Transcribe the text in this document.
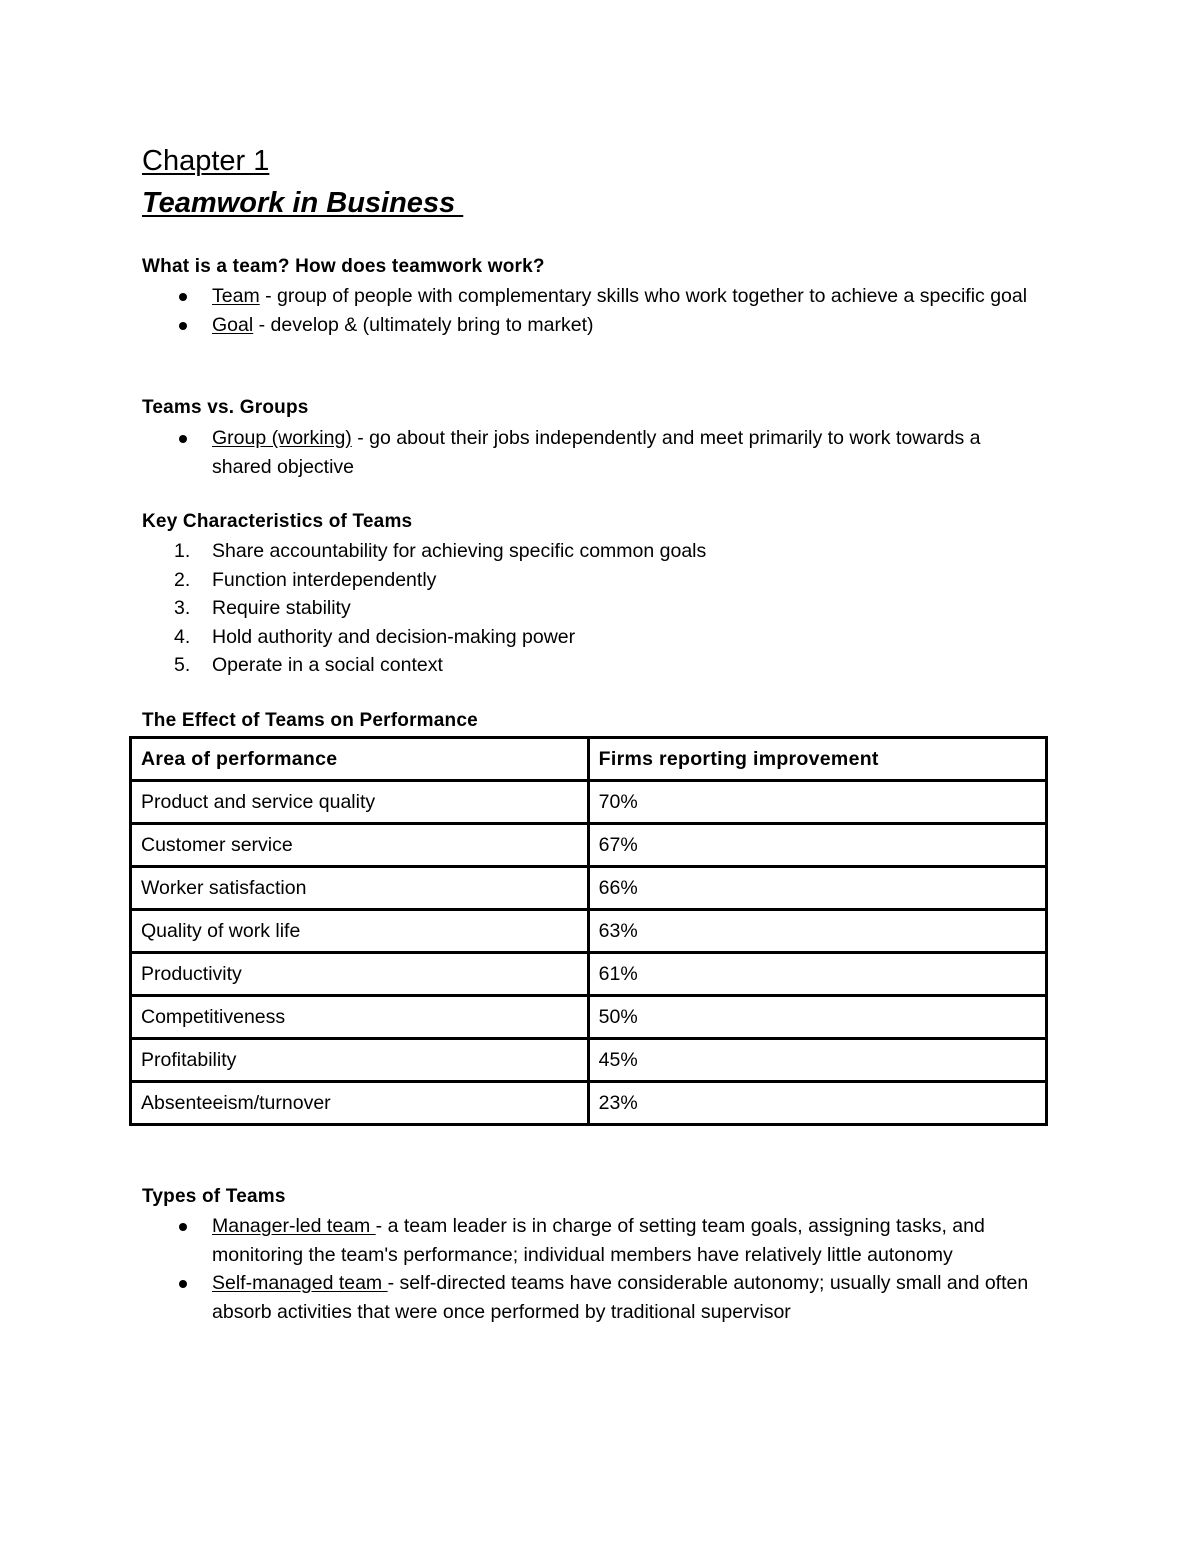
Chapter 1
Teamwork in Business
What is a team? How does teamwork work?
Team - group of people with complementary skills who work together to achieve a specific goal
Goal - develop & (ultimately bring to market)
Teams vs. Groups
Group (working) - go about their jobs independently and meet primarily to work towards a shared objective
Key Characteristics of Teams
1. Share accountability for achieving specific common goals
2. Function interdependently
3. Require stability
4. Hold authority and decision-making power
5. Operate in a social context
The Effect of Teams on Performance
Area of performance	Firms reporting improvement
Product and service quality	70%
Customer service	67%
Worker satisfaction	66%
Quality of work life	63%
Productivity	61%
Competitiveness	50%
Profitability	45%
Absenteeism/turnover	23%
Types of Teams
Manager-led team - a team leader is in charge of setting team goals, assigning tasks, and monitoring the team's performance; individual members have relatively little autonomy
Self-managed team - self-directed teams have considerable autonomy; usually small and often absorb activities that were once performed by traditional supervisor
